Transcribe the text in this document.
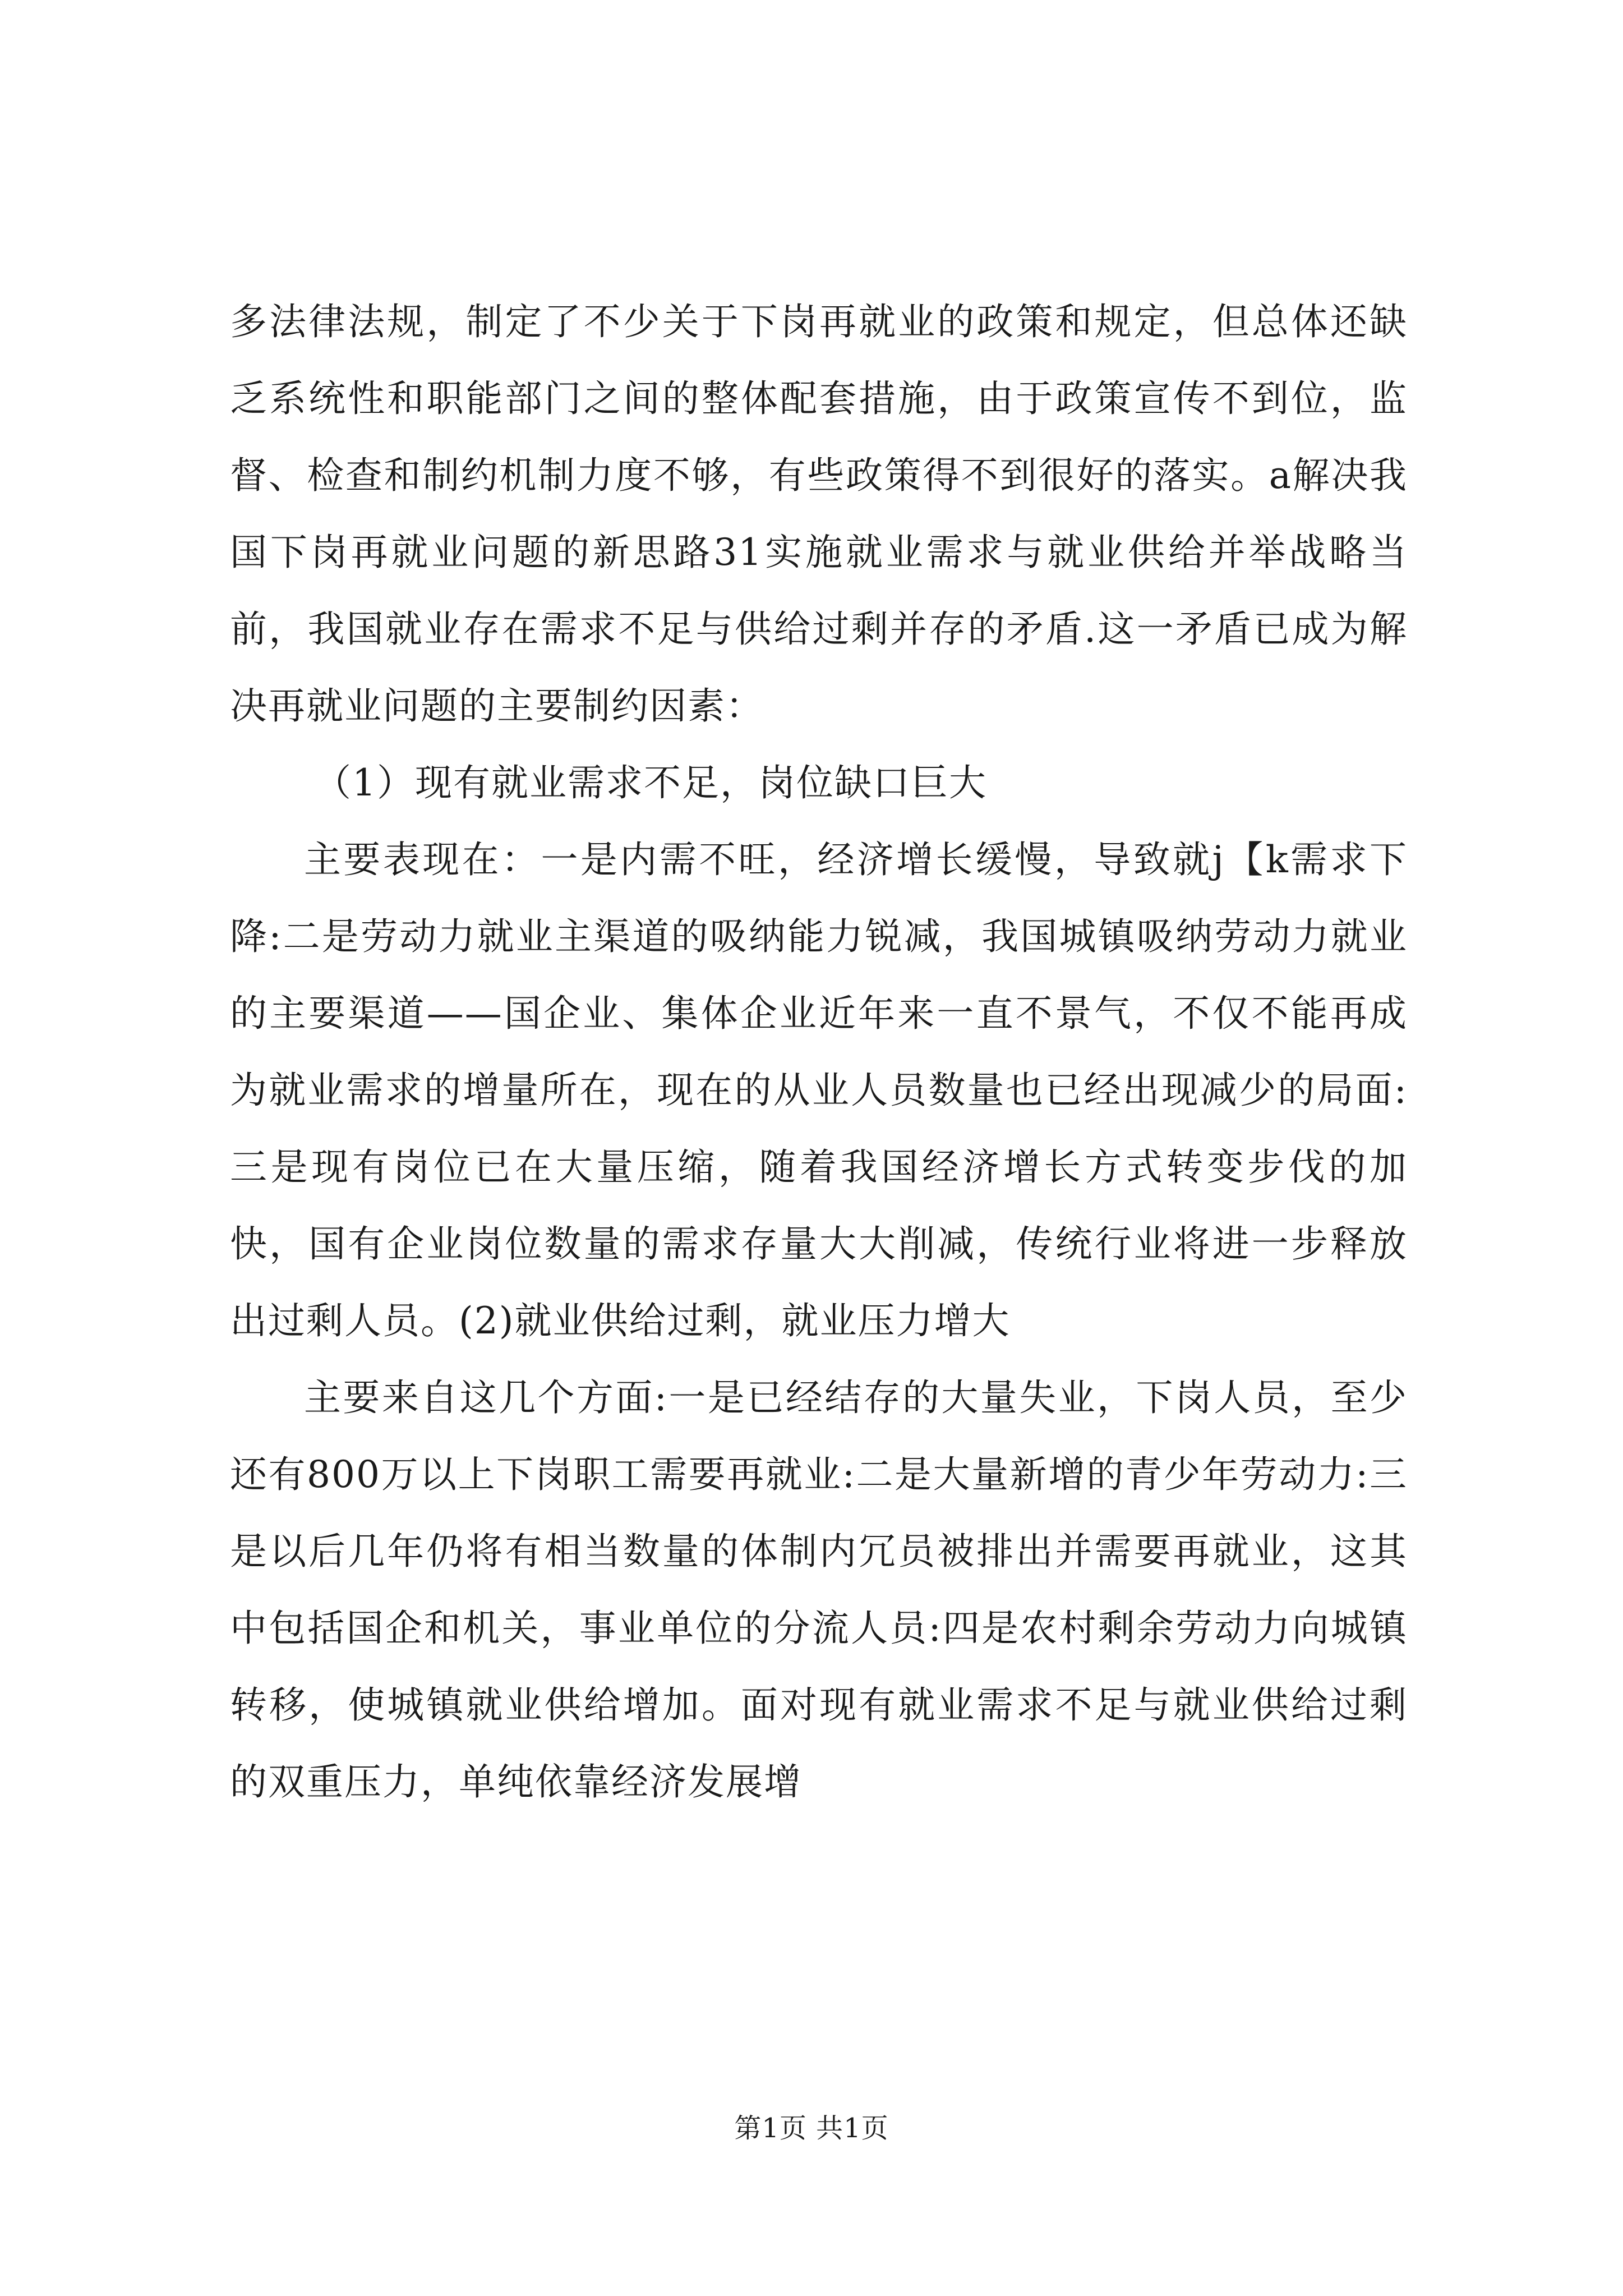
多法律法规，制定了不少关于下岗再就业的政策和规定，但总体还缺乏系统性和职能部门之间的整体配套措施，由于政策宣传不到位，监督、检查和制约机制力度不够，有些政策得不到很好的落实。a解决我国下岗再就业问题的新思路31实施就业需求与就业供给并举战略当前，我国就业存在需求不足与供给过剩并存的矛盾.这一矛盾已成为解决再就业问题的主要制约因素：

（1）现有就业需求不足，岗位缺口巨大

主要表现在：一是内需不旺，经济增长缓慢，导致就j【k需求下降:二是劳动力就业主渠道的吸纳能力锐减，我国城镇吸纳劳动力就业的主要渠道——国企业、集体企业近年来一直不景气，不仅不能再成为就业需求的增量所在，现在的从业人员数量也已经出现减少的局面:三是现有岗位已在大量压缩，随着我国经济增长方式转变步伐的加快，国有企业岗位数量的需求存量大大削减，传统行业将进一步释放出过剩人员。(2)就业供给过剩，就业压力增大

主要来自这几个方面:一是已经结存的大量失业，下岗人员，至少还有800万以上下岗职工需要再就业:二是大量新增的青少年劳动力:三是以后几年仍将有相当数量的体制内冗员被排出并需要再就业，这其中包括国企和机关，事业单位的分流人员:四是农村剩余劳动力向城镇转移，使城镇就业供给增加。面对现有就业需求不足与就业供给过剩的双重压力，单纯依靠经济发展增

第1页 共1页
